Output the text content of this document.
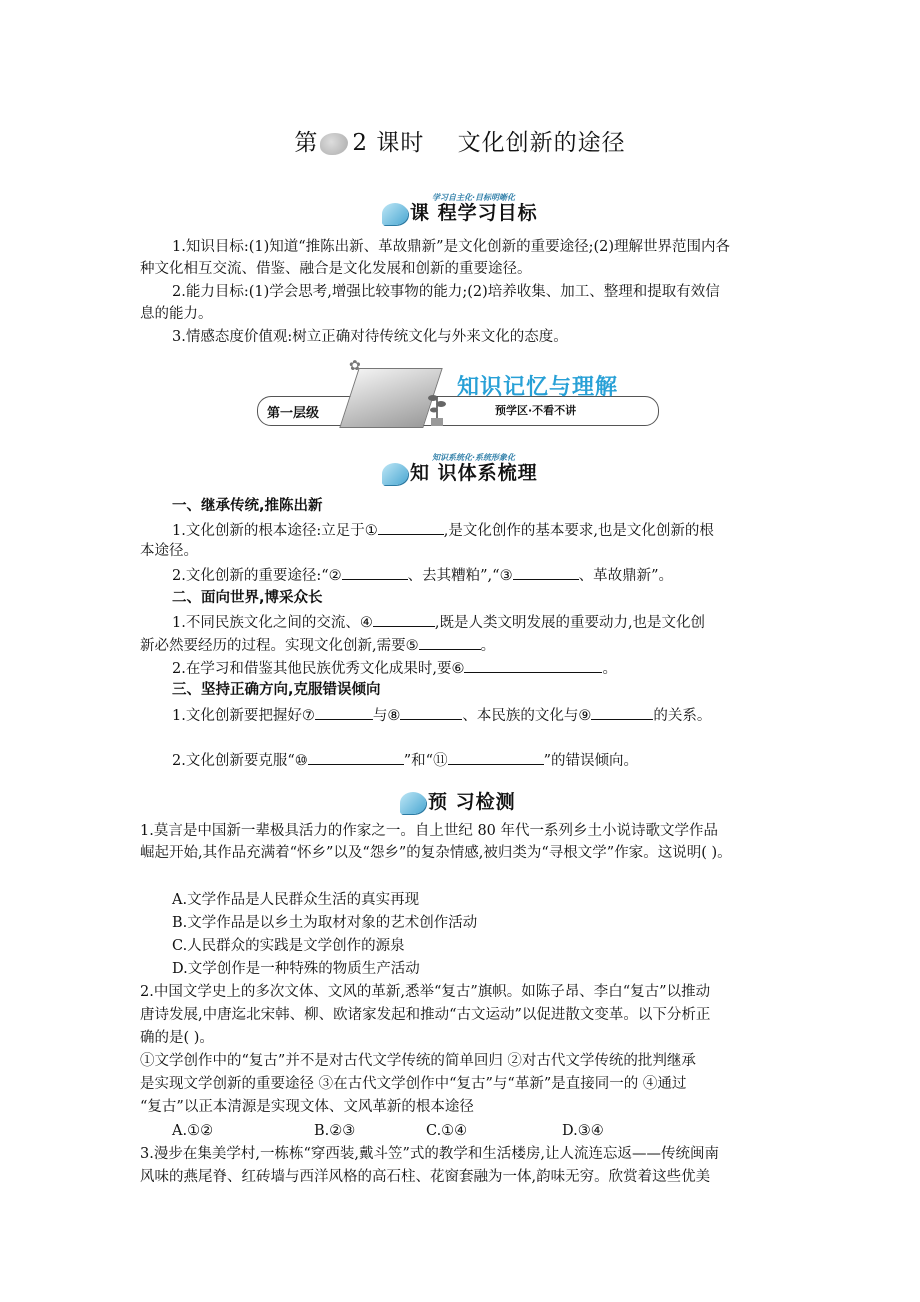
第 2 课时 文化创新的途径
课 程学习目标
学习自主化·目标明晰化

1.知识目标:(1)知道“推陈出新、革故鼎新”是文化创新的重要途径;(2)理解世界范围内各

种文化相互交流、借鉴、融合是文化发展和创新的重要途径。

2.能力目标:(1)学会思考,增强比较事物的能力;(2)培养收集、加工、整理和提取有效信

息的能力。

3.情感态度价值观:树立正确对待传统文化与外来文化的态度。

✿
第一层级
知识记忆与理解
预学区·不看不讲
知 识体系梳理
知识系统化·系统形象化

一、继承传统,推陈出新

1.文化创新的根本途径:立足于①	,是文化创作的基本要求,也是文化创新的根

本途径。

2.文化创新的重要途径:“②	、去其糟粕”,“③	、革故鼎新”。

二、面向世界,博采众长

1.不同民族文化之间的交流、④	,既是人类文明发展的重要动力,也是文化创

新必然要经历的过程。实现文化创新,需要⑤	。

2.在学习和借鉴其他民族优秀文化成果时,要⑥	。

三、坚持正确方向,克服错误倾向

1.文化创新要把握好⑦	与⑧	、本民族的文化与⑨	的关系。

2.文化创新要克服“⑩	”和“⑪	”的错误倾向。

预 习检测

1.莫言是中国新一辈极具活力的作家之一。自上世纪 80 年代一系列乡土小说诗歌文学作品

崛起开始,其作品充满着“怀乡”以及“怨乡”的复杂情感,被归类为“寻根文学”作家。这说明( )。

A.文学作品是人民群众生活的真实再现

B.文学作品是以乡土为取材对象的艺术创作活动

C.人民群众的实践是文学创作的源泉

D.文学创作是一种特殊的物质生产活动

2.中国文学史上的多次文体、文风的革新,悉举“复古”旗帜。如陈子昂、李白“复古”以推动

唐诗发展,中唐迄北宋韩、柳、欧诸家发起和推动“古文运动”以促进散文变革。以下分析正

确的是( )。

①文学创作中的“复古”并不是对古代文学传统的简单回归 ②对古代文学传统的批判继承

是实现文学创新的重要途径 ③在古代文学创作中“复古”与“革新”是直接同一的 ④通过

“复古”以正本清源是实现文体、文风革新的根本途径

A.①②	B.②③	C.①④	D.③④

3.漫步在集美学村,一栋栋“穿西装,戴斗笠”式的教学和生活楼房,让人流连忘返——传统闽南

风味的燕尾脊、红砖墙与西洋风格的高石柱、花窗套融为一体,韵味无穷。欣赏着这些优美
